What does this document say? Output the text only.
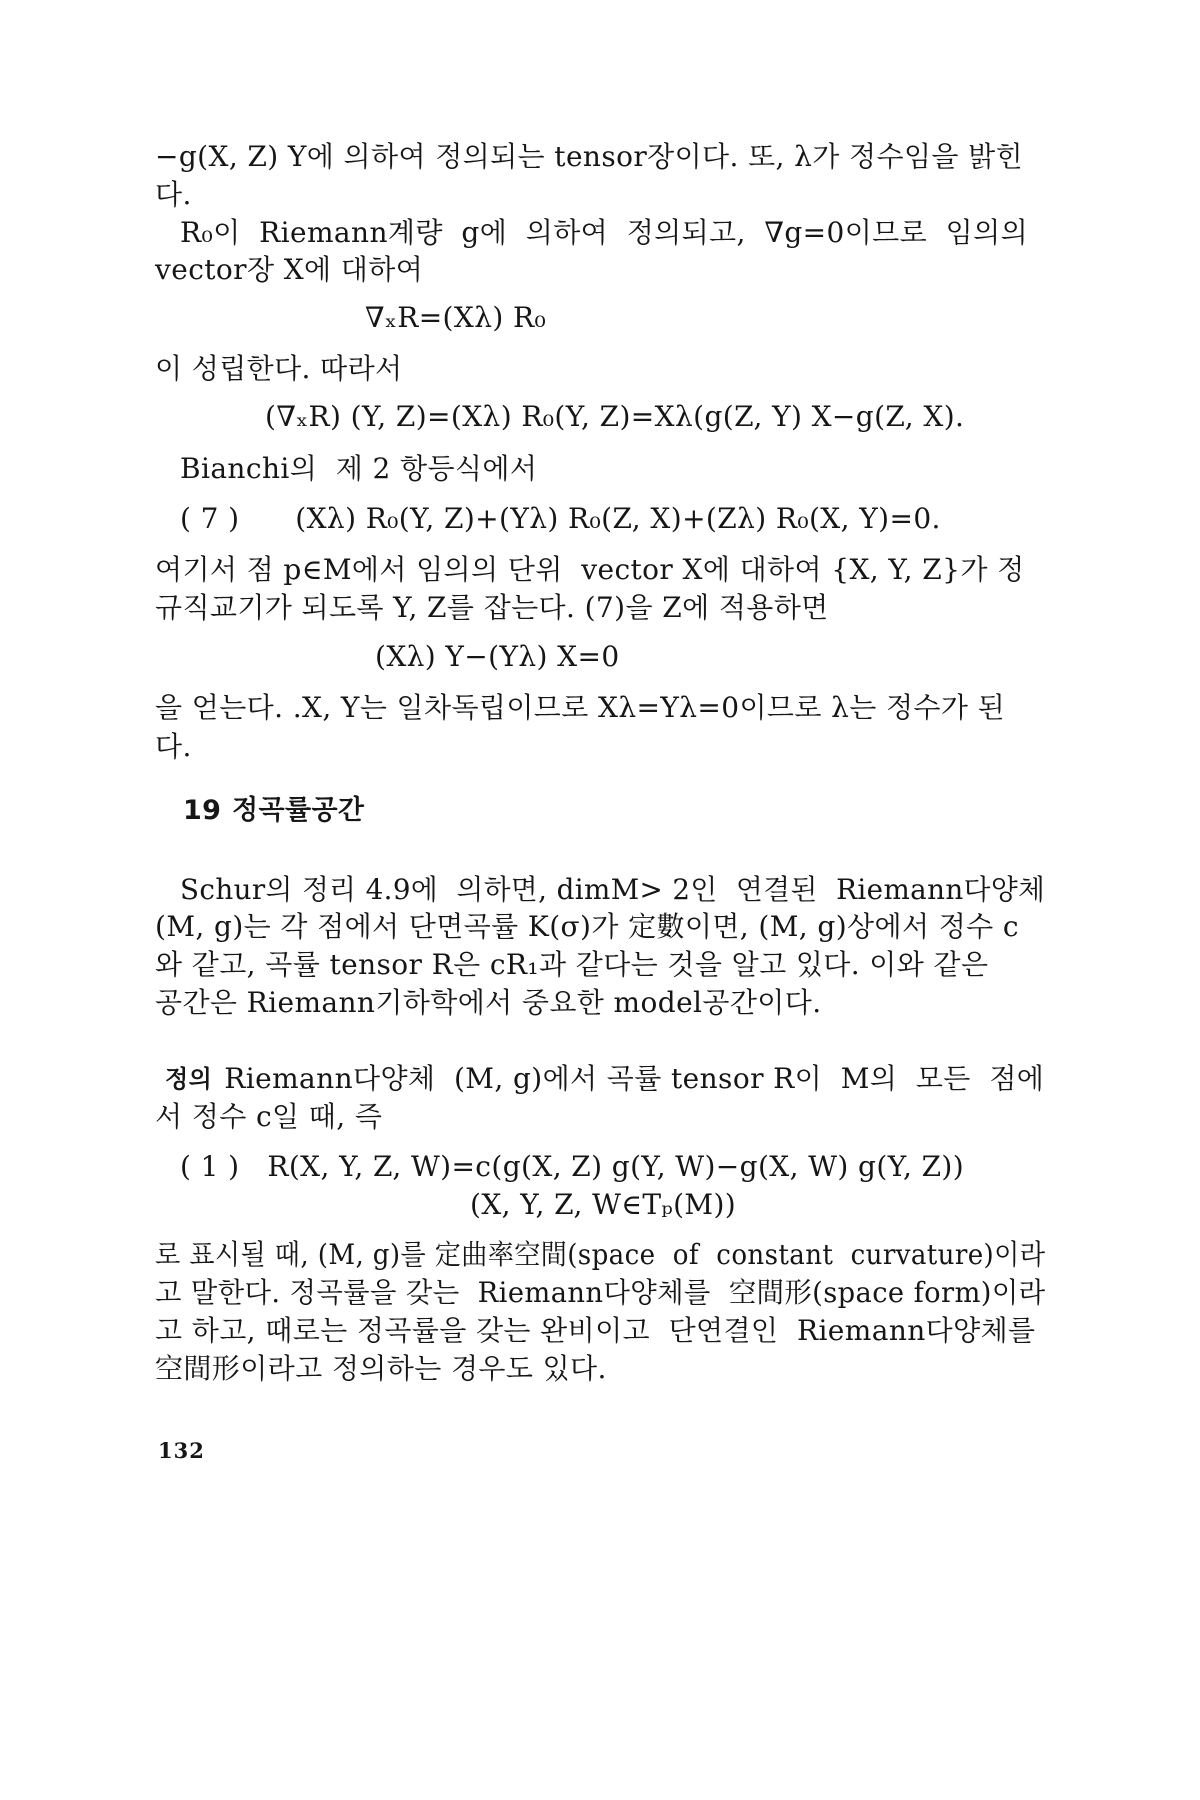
−g(X, Z) Y에 의하여 정의되는 tensor장이다. 또, λ가 정수임을 밝힌
다.
R₀이  Riemann계량  g에  의하여  정의되고,  ∇g=0이므로  임의의
vector장 X에 대하여
∇ₓR=(Xλ) R₀
이 성립한다. 따라서
(∇ₓR) (Y, Z)=(Xλ) R₀(Y, Z)=Xλ(g(Z, Y) X−g(Z, X).
Bianchi의  제 2 항등식에서
( 7 )      (Xλ) R₀(Y, Z)+(Yλ) R₀(Z, X)+(Zλ) R₀(X, Y)=0.
여기서 점 p∈M에서 임의의 단위  vector X에 대하여 {X, Y, Z}가 정
규직교기가 되도록 Y, Z를 잡는다. (7)을 Z에 적용하면
(Xλ) Y−(Yλ) X=0
을 얻는다. .X, Y는 일차독립이므로 Xλ=Yλ=0이므로 λ는 정수가 된
다.
19 정곡률공간
Schur의 정리 4.9에  의하면, dimM> 2인  연결된  Riemann다양체
(M, g)는 각 점에서 단면곡률 K(σ)가 定數이면, (M, g)상에서 정수 c
와 같고, 곡률 tensor R은 cR₁과 같다는 것을 알고 있다. 이와 같은
공간은 Riemann기하학에서 중요한 model공간이다.
정의 Riemann다양체  (M, g)에서 곡률 tensor R이  M의  모든  점에
서 정수 c일 때, 즉
( 1 )   R(X, Y, Z, W)=c(g(X, Z) g(Y, W)−g(X, W) g(Y, Z))
(X, Y, Z, W∈Tₚ(M))
로 표시될 때, (M, g)를 定曲率空間(space  of  constant  curvature)이라
고 말한다. 정곡률을 갖는  Riemann다양체를  空間形(space form)이라
고 하고, 때로는 정곡률을 갖는 완비이고  단연결인  Riemann다양체를
空間形이라고 정의하는 경우도 있다.
132
